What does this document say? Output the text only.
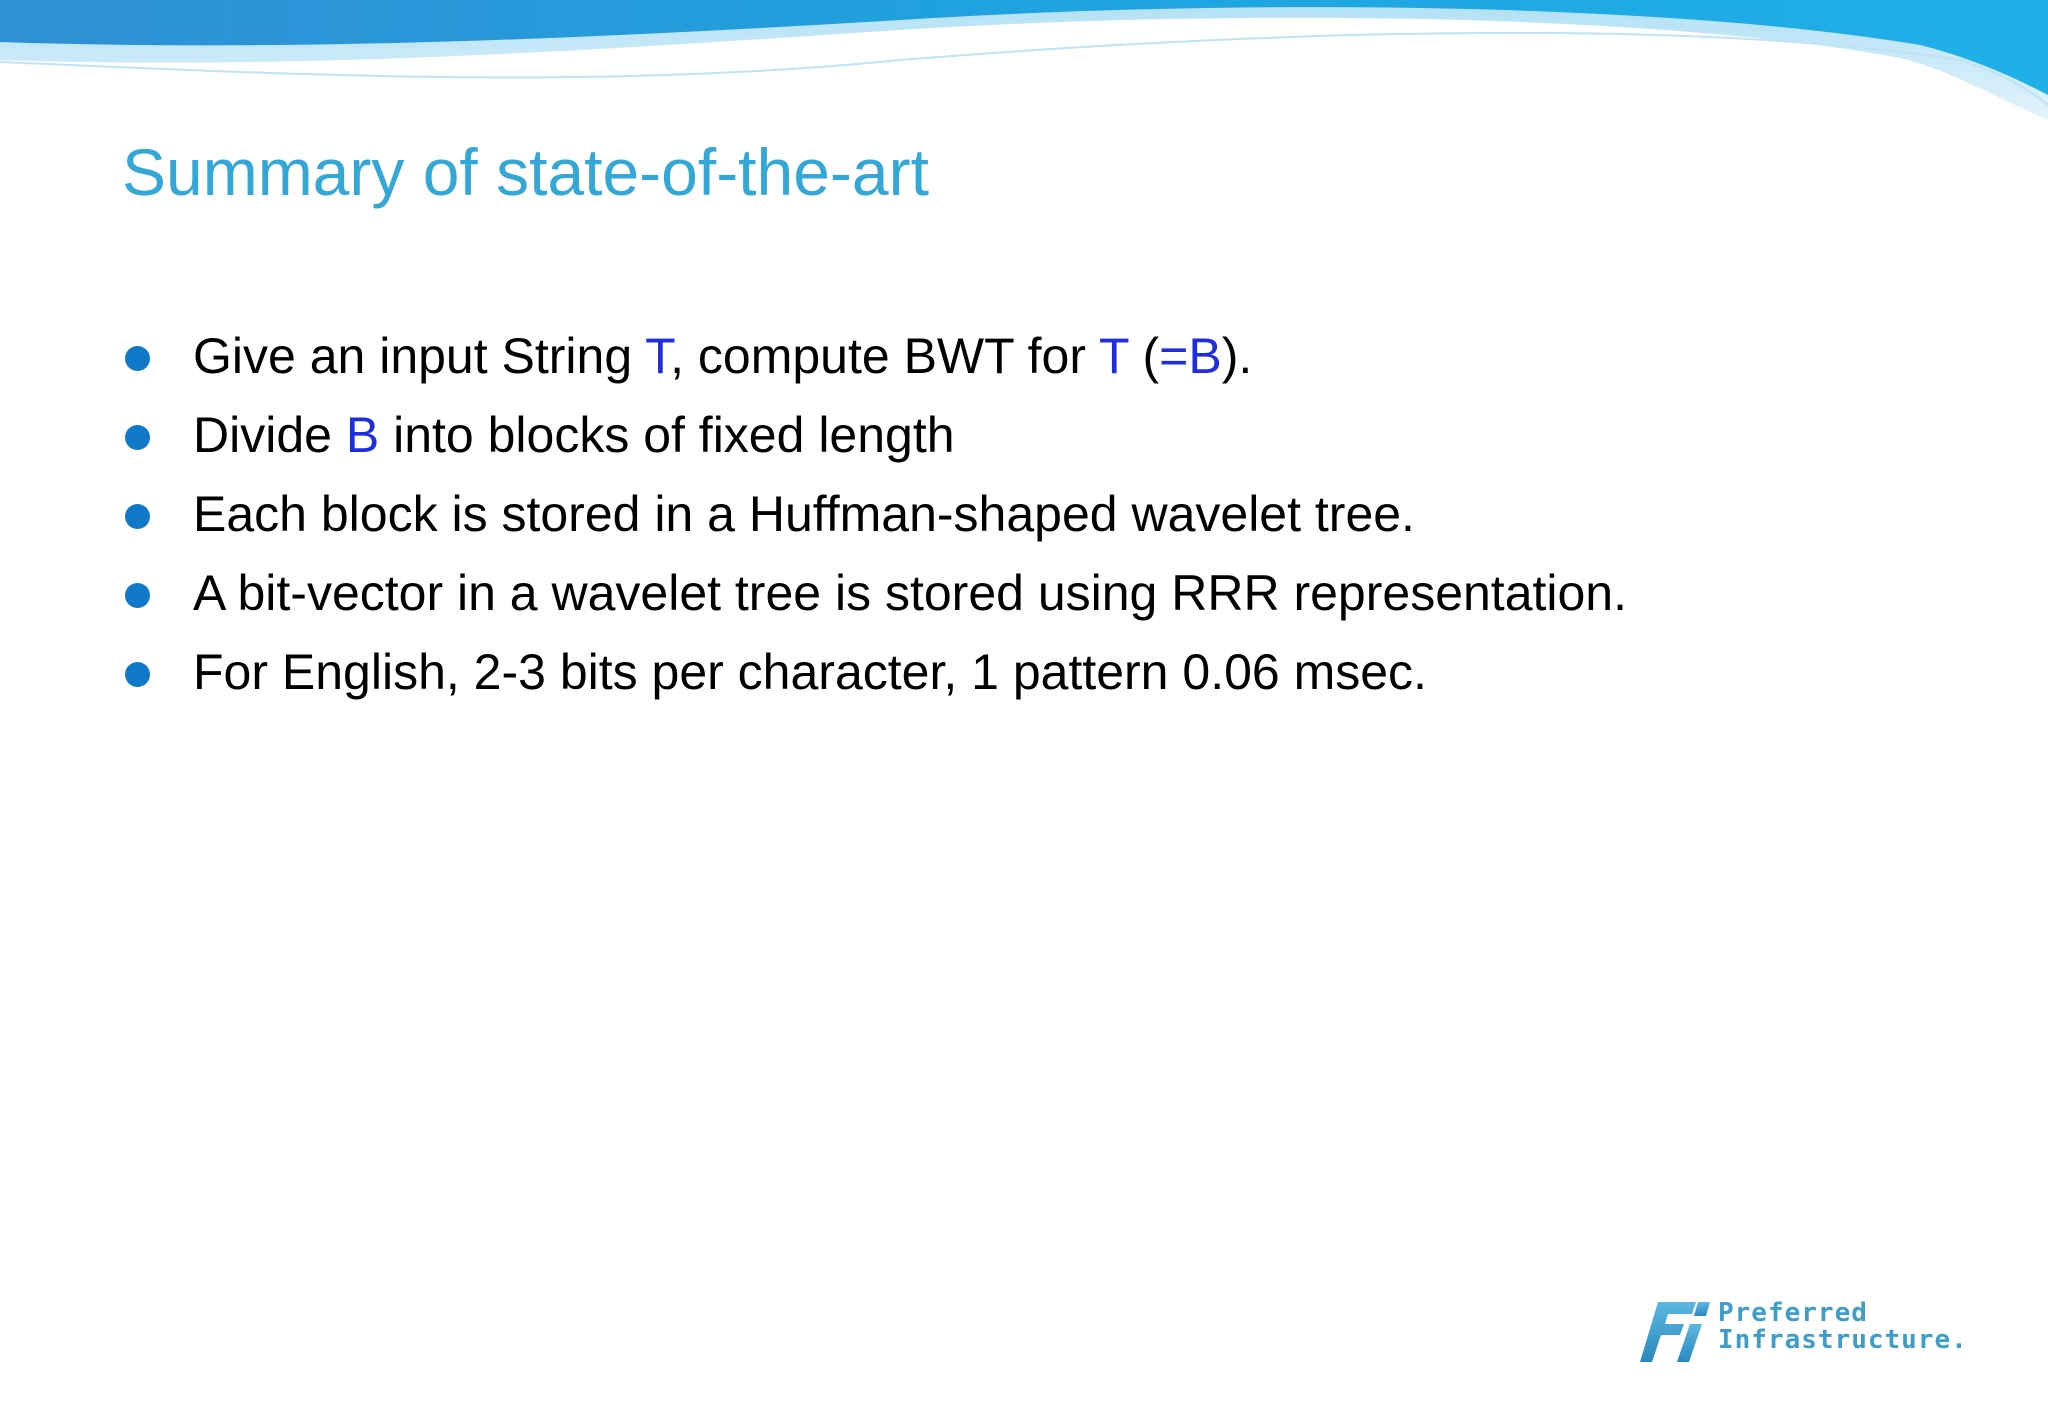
Summary of state-of-the-art
Give an input String T, compute BWT for T (=B).
Divide B into blocks of fixed length
Each block is stored in a Huffman-shaped wavelet tree.
A bit-vector in a wavelet tree is stored using RRR representation.
For English, 2-3 bits per character, 1 pattern 0.06 msec.
Preferred
Infrastructure.
